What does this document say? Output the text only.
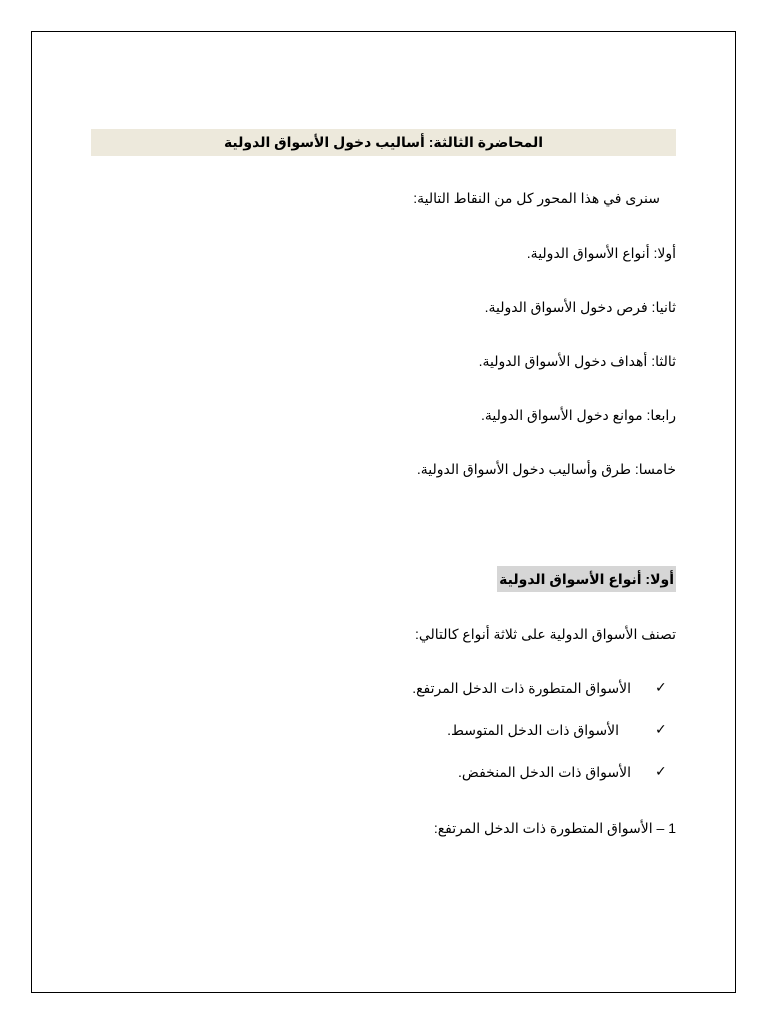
المحاضرة الثالثة: أساليب دخول الأسواق الدولية
سنرى في هذا المحور كل من النقاط التالية:
أولا: أنواع الأسواق الدولية.
ثانيا: فرص دخول الأسواق الدولية.
ثالثا: أهداف دخول الأسواق الدولية.
رابعا: موانع دخول الأسواق الدولية.
خامسا: طرق وأساليب دخول الأسواق الدولية.
أولا: أنواع الأسواق الدولية
تصنف الأسواق الدولية على ثلاثة أنواع كالتالي:
✓
الأسواق المتطورة ذات الدخل المرتفع.
✓
الأسواق ذات الدخل المتوسط.
✓
الأسواق ذات الدخل المنخفض.
1 – الأسواق المتطورة ذات الدخل المرتفع:
